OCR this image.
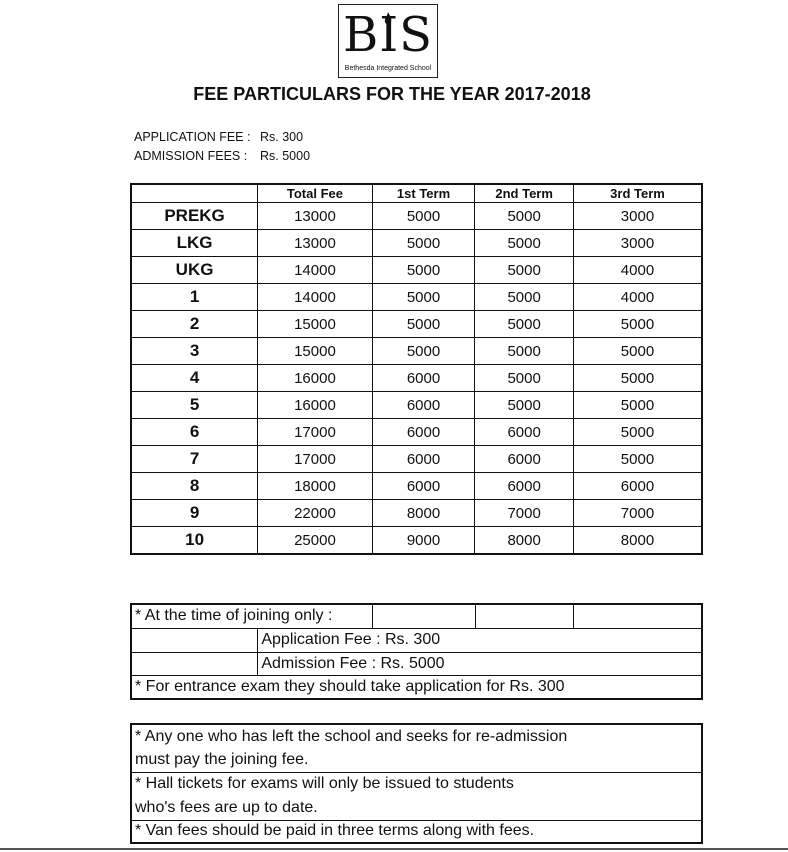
BIS
Bethesda Integrated School
FEE PARTICULARS FOR THE YEAR 2017-2018
APPLICATION FEE : Rs. 300
ADMISSION FEES : Rs. 5000
	Total Fee	1st Term	2nd Term	3rd Term
PREKG	13000	5000	5000	3000
LKG	13000	5000	5000	3000
UKG	14000	5000	5000	4000
1	14000	5000	5000	4000
2	15000	5000	5000	5000
3	15000	5000	5000	5000
4	16000	6000	5000	5000
5	16000	6000	5000	5000
6	17000	6000	6000	5000
7	17000	6000	6000	5000
8	18000	6000	6000	6000
9	22000	8000	7000	7000
10	25000	9000	8000	8000
* At the time of joining only :				
	Application Fee : Rs. 300			
	Admission Fee : Rs. 5000			
* For entrance exam they should take application for Rs. 300				
* Any one who has left the school and seeks for re-admission
must pay the joining fee.
* Hall tickets for exams will only be issued to students
who's fees are up to date.
* Van fees should be paid in three terms along with fees.
